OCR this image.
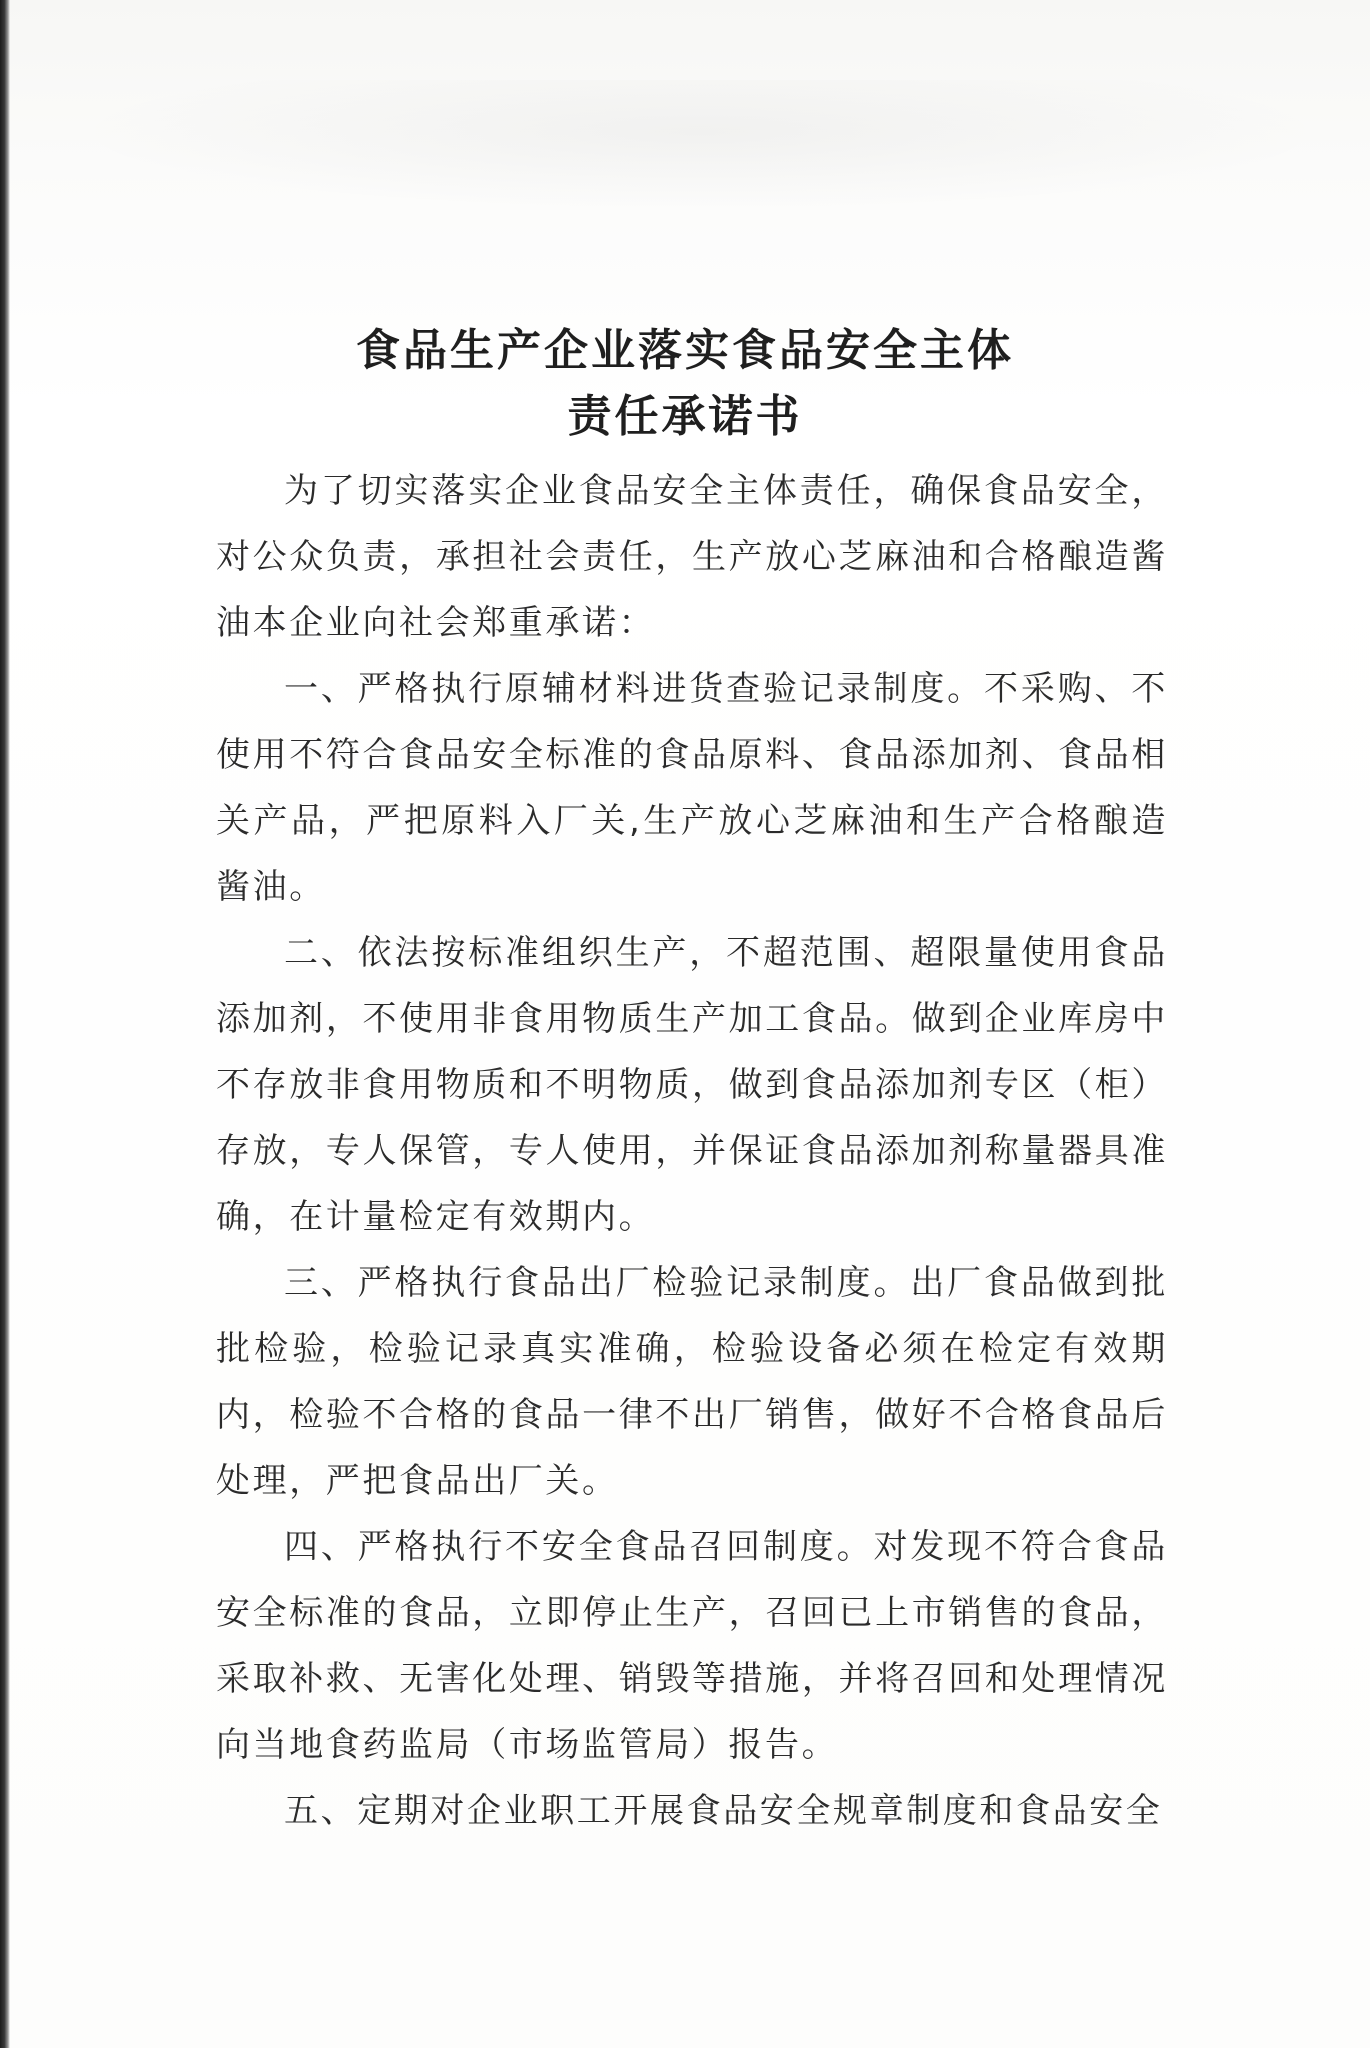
食品生产企业落实食品安全主体
责任承诺书

为了切实落实企业食品安全主体责任，确保食品安全，对公众负责，承担社会责任，生产放心芝麻油和合格酿造酱油本企业向社会郑重承诺：

一、严格执行原辅材料进货查验记录制度。不采购、不使用不符合食品安全标准的食品原料、食品添加剂、食品相关产品，严把原料入厂关,生产放心芝麻油和生产合格酿造酱油。

二、依法按标准组织生产，不超范围、超限量使用食品添加剂，不使用非食用物质生产加工食品。做到企业库房中不存放非食用物质和不明物质，做到食品添加剂专区（柜）存放，专人保管，专人使用，并保证食品添加剂称量器具准确，在计量检定有效期内。

三、严格执行食品出厂检验记录制度。出厂食品做到批批检验，检验记录真实准确，检验设备必须在检定有效期内，检验不合格的食品一律不出厂销售，做好不合格食品后处理，严把食品出厂关。

四、严格执行不安全食品召回制度。对发现不符合食品安全标准的食品，立即停止生产，召回已上市销售的食品，采取补救、无害化处理、销毁等措施，并将召回和处理情况向当地食药监局（市场监管局）报告。

五、定期对企业职工开展食品安全规章制度和食品安全
